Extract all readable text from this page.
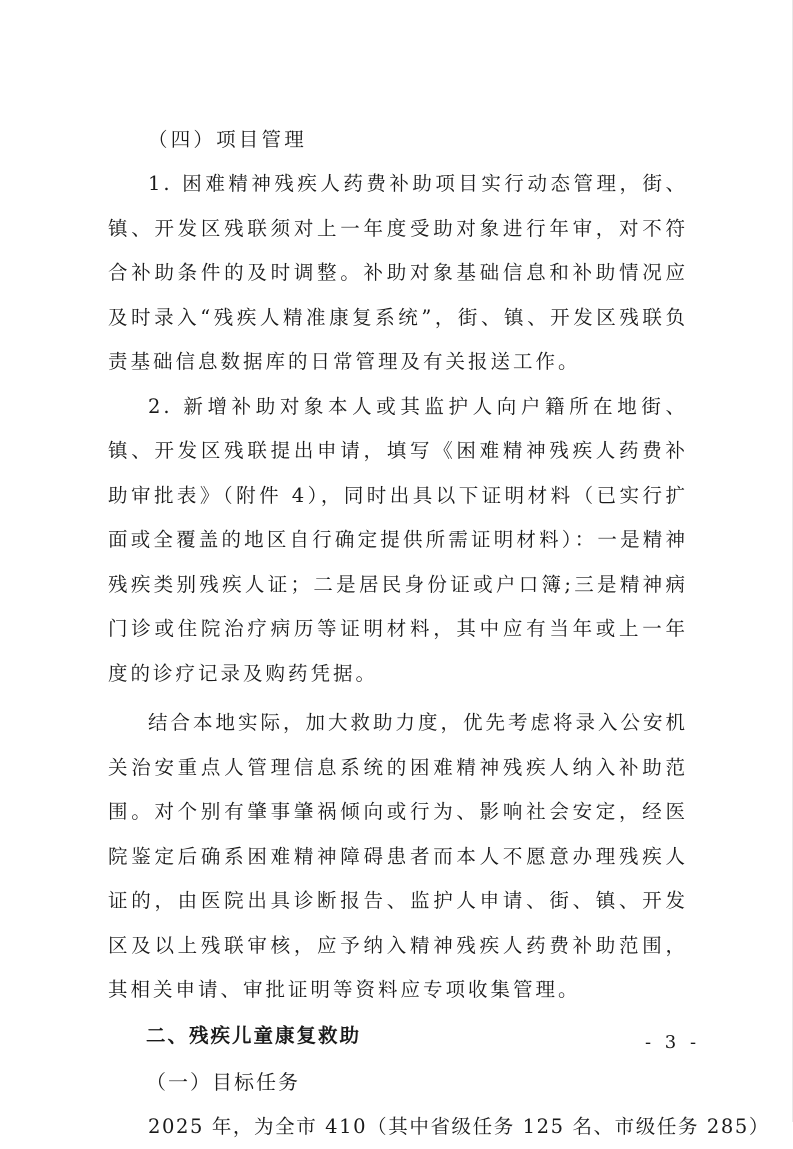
（四）项目管理

1. 困难精神残疾人药费补助项目实行动态管理，街、镇、开发区残联须对上一年度受助对象进行年审，对不符合补助条件的及时调整。补助对象基础信息和补助情况应及时录入“残疾人精准康复系统”，街、镇、开发区残联负责基础信息数据库的日常管理及有关报送工作。

2. 新增补助对象本人或其监护人向户籍所在地街、镇、开发区残联提出申请，填写《困难精神残疾人药费补助审批表》（附件 4），同时出具以下证明材料（已实行扩面或全覆盖的地区自行确定提供所需证明材料）：一是精神残疾类别残疾人证；二是居民身份证或户口簿;三是精神病门诊或住院治疗病历等证明材料，其中应有当年或上一年度的诊疗记录及购药凭据。

结合本地实际，加大救助力度，优先考虑将录入公安机关治安重点人管理信息系统的困难精神残疾人纳入补助范围。对个别有肇事肇祸倾向或行为、影响社会安定，经医院鉴定后确系困难精神障碍患者而本人不愿意办理残疾人证的，由医院出具诊断报告、监护人申请、街、镇、开发区及以上残联审核，应予纳入精神残疾人药费补助范围，其相关申请、审批证明等资料应专项收集管理。

二、残疾儿童康复救助

（一）目标任务

2025 年，为全市 410（其中省级任务 125 名、市级任务 285）

- 3 -
